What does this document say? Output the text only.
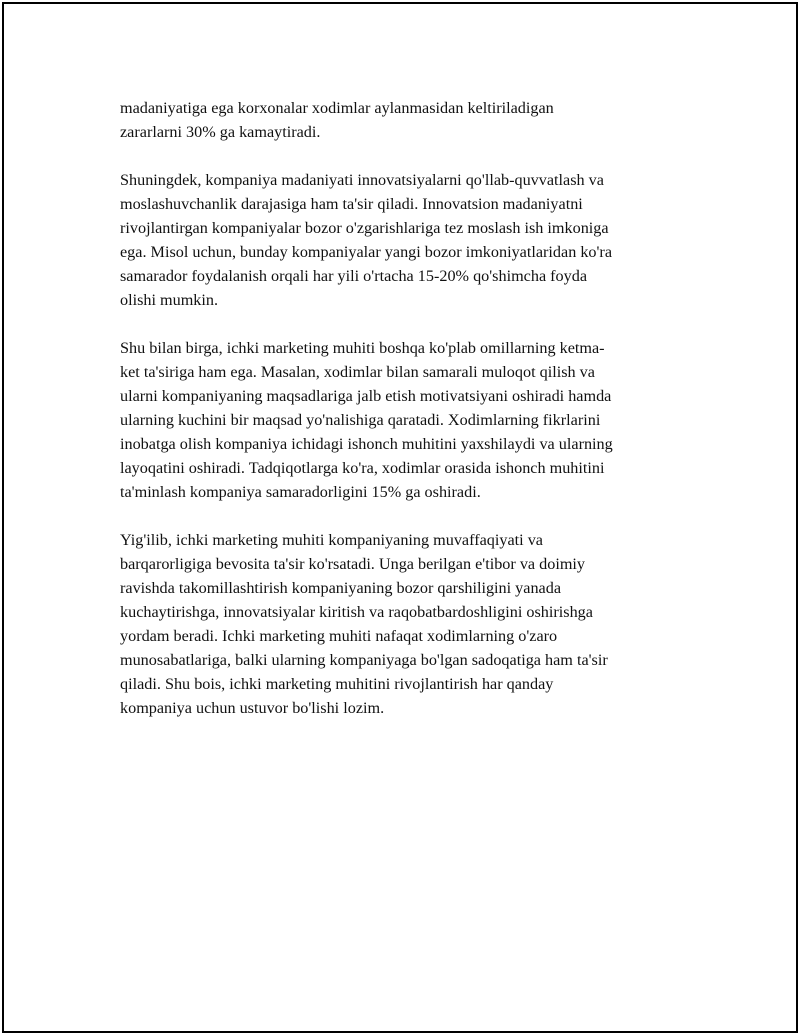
madaniyatiga ega korxonalar xodimlar aylanmasidan keltiriladigan
zararlarni 30% ga kamaytiradi.

Shuningdek, kompaniya madaniyati innovatsiyalarni qo'llab-quvvatlash va
moslashuvchanlik darajasiga ham ta'sir qiladi. Innovatsion madaniyatni
rivojlantirgan kompaniyalar bozor o'zgarishlariga tez moslash ish imkoniga
ega. Misol uchun, bunday kompaniyalar yangi bozor imkoniyatlaridan ko'ra
samarador foydalanish orqali har yili o'rtacha 15-20% qo'shimcha foyda
olishi mumkin.

Shu bilan birga, ichki marketing muhiti boshqa ko'plab omillarning ketma-
ket ta'siriga ham ega. Masalan, xodimlar bilan samarali muloqot qilish va
ularni kompaniyaning maqsadlariga jalb etish motivatsiyani oshiradi hamda
ularning kuchini bir maqsad yo'nalishiga qaratadi. Xodimlarning fikrlarini
inobatga olish kompaniya ichidagi ishonch muhitini yaxshilaydi va ularning
layoqatini oshiradi. Tadqiqotlarga ko'ra, xodimlar orasida ishonch muhitini
ta'minlash kompaniya samaradorligini 15% ga oshiradi.

Yig'ilib, ichki marketing muhiti kompaniyaning muvaffaqiyati va
barqarorligiga bevosita ta'sir ko'rsatadi. Unga berilgan e'tibor va doimiy
ravishda takomillashtirish kompaniyaning bozor qarshiligini yanada
kuchaytirishga, innovatsiyalar kiritish va raqobatbardoshligini oshirishga
yordam beradi. Ichki marketing muhiti nafaqat xodimlarning o'zaro
munosabatlariga, balki ularning kompaniyaga bo'lgan sadoqatiga ham ta'sir
qiladi. Shu bois, ichki marketing muhitini rivojlantirish har qanday
kompaniya uchun ustuvor bo'lishi lozim.
